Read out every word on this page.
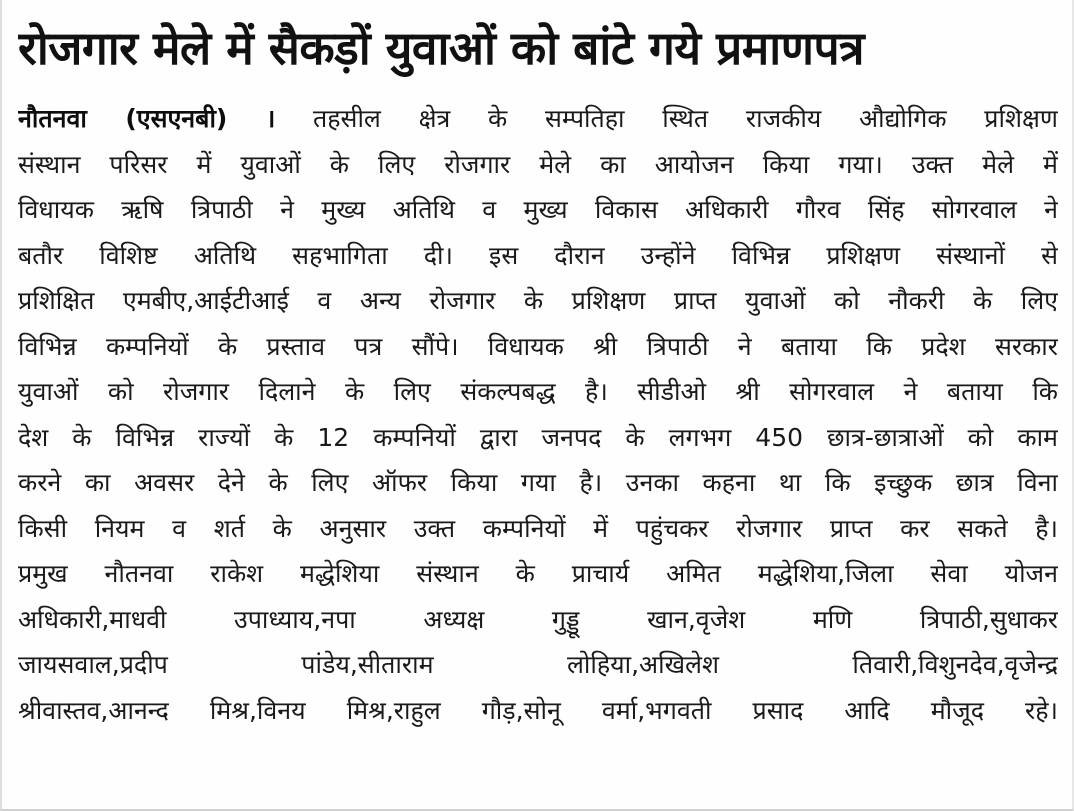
रोजगार मेले में सैकड़ों युवाओं को बांटे गये प्रमाणपत्र
नौतनवा (एसएनबी) । तहसील क्षेत्र के सम्पतिहा स्थित राजकीय औद्योगिक प्रशिक्षण
संस्थान परिसर में युवाओं के लिए रोजगार मेले का आयोजन किया गया। उक्त मेले में
विधायक ऋषि त्रिपाठी ने मुख्य अतिथि व मुख्य विकास अधिकारी गौरव सिंह सोगरवाल ने
बतौर विशिष्ट अतिथि सहभागिता दी। इस दौरान उन्होंने विभिन्न प्रशिक्षण संस्थानों से
प्रशिक्षित एमबीए,आईटीआई व अन्य रोजगार के प्रशिक्षण प्राप्त युवाओं को नौकरी के लिए
विभिन्न कम्पनियों के प्रस्ताव पत्र सौंपे। विधायक श्री त्रिपाठी ने बताया कि प्रदेश सरकार
युवाओं को रोजगार दिलाने के लिए संकल्पबद्ध है। सीडीओ श्री सोगरवाल ने बताया कि
देश के विभिन्न राज्यों के 12 कम्पनियों द्वारा जनपद के लगभग 450 छात्र-छात्राओं को काम
करने का अवसर देने के लिए ऑफर किया गया है। उनका कहना था कि इच्छुक छात्र विना
किसी नियम व शर्त के अनुसार उक्त कम्पनियों में पहुंचकर रोजगार प्राप्त कर सकते है।
प्रमुख नौतनवा राकेश मद्धेशिया संस्थान के प्राचार्य अमित मद्धेशिया,जिला सेवा योजन
अधिकारी,माधवी उपाध्याय,नपा अध्यक्ष गुड्डू खान,वृजेश मणि त्रिपाठी,सुधाकर
जायसवाल,प्रदीप पांडेय,सीताराम लोहिया,अखिलेश तिवारी,विशुनदेव,वृजेन्द्र
श्रीवास्तव,आनन्द मिश्र,विनय मिश्र,राहुल गौड़,सोनू वर्मा,भगवती प्रसाद आदि मौजूद रहे।
